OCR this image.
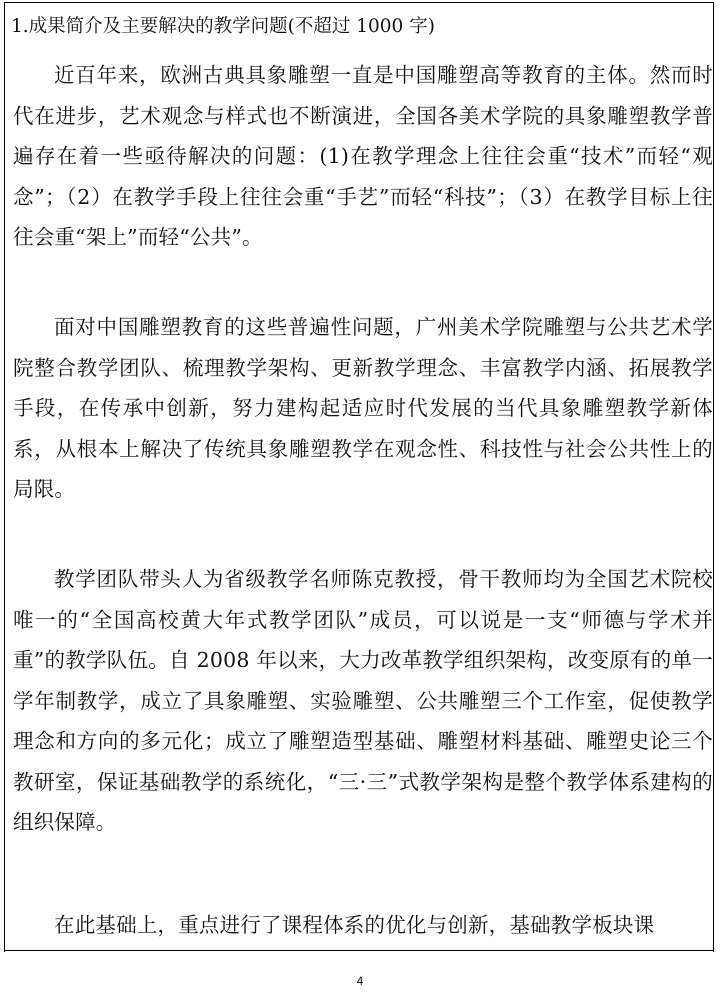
1.成果简介及主要解决的教学问题(不超过 1000 字)

近百年来，欧洲古典具象雕塑一直是中国雕塑高等教育的主体。然而时代在进步，艺术观念与样式也不断演进，全国各美术学院的具象雕塑教学普遍存在着一些亟待解决的问题：(1)在教学理念上往往会重“技术”而轻“观念”；（2）在教学手段上往往会重“手艺”而轻“科技”；（3）在教学目标上往往会重“架上”而轻“公共”。

面对中国雕塑教育的这些普遍性问题，广州美术学院雕塑与公共艺术学院整合教学团队、梳理教学架构、更新教学理念、丰富教学内涵、拓展教学手段，在传承中创新，努力建构起适应时代发展的当代具象雕塑教学新体系，从根本上解决了传统具象雕塑教学在观念性、科技性与社会公共性上的局限。

教学团队带头人为省级教学名师陈克教授，骨干教师均为全国艺术院校唯一的“全国高校黄大年式教学团队”成员，可以说是一支“师德与学术并重”的教学队伍。自 2008 年以来，大力改革教学组织架构，改变原有的单一学年制教学，成立了具象雕塑、实验雕塑、公共雕塑三个工作室，促使教学理念和方向的多元化；成立了雕塑造型基础、雕塑材料基础、雕塑史论三个教研室，保证基础教学的系统化，“三·三”式教学架构是整个教学体系建构的组织保障。

在此基础上，重点进行了课程体系的优化与创新，基础教学板块课

4
